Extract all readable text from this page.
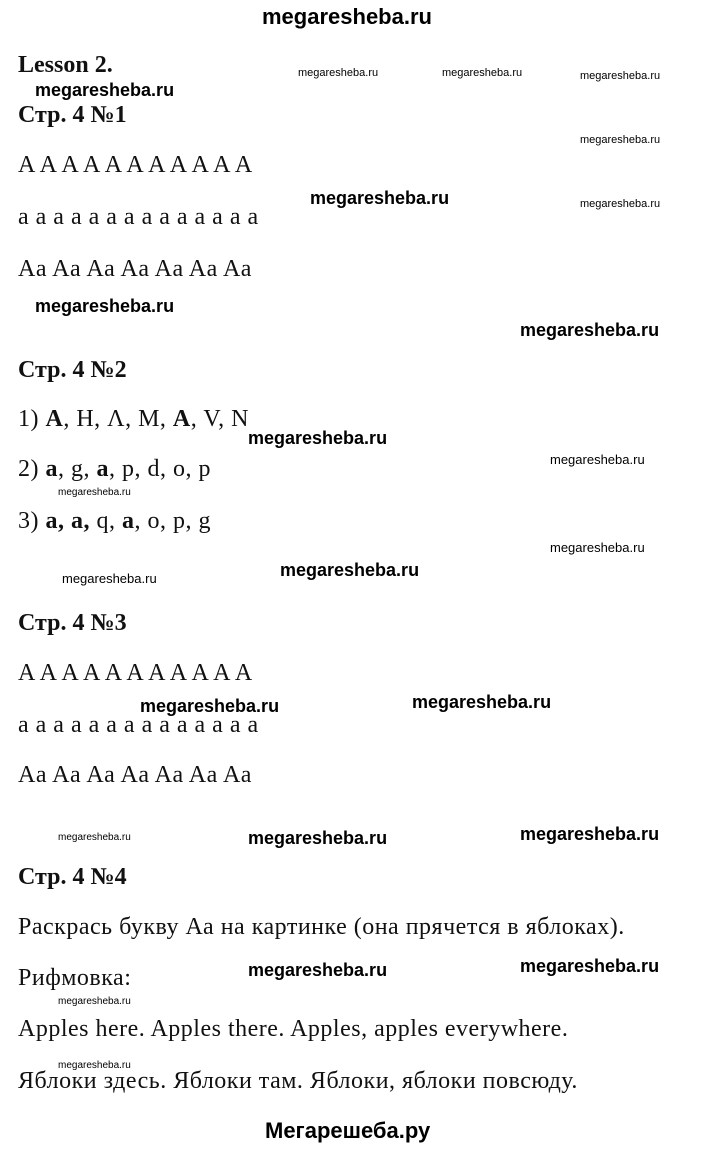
megaresheba.ru
Lesson 2.
Стр. 4 №1
A A A A A A A A A A A
a a a a a a a a a a a a a a
Aa Aa Aa Aa Aa Aa Aa
Стр. 4 №2
1) A, H, Λ, M, A, V, N
2) a, g, a, p, d, o, p
3) a, a, q, a, o, p, g
Стр. 4 №3
A A A A A A A A A A A
a a a a a a a a a a a a a a
Aa Aa Aa Aa Aa Aa Aa
Стр. 4 №4
Раскрась букву Аа на картинке (она прячется в яблоках).
Рифмовка:
Apples here. Apples there. Apples, apples everywhere.
Яблоки здесь. Яблоки там. Яблоки, яблоки повсюду.
Мегарешеба.ру
megaresheba.ru
megaresheba.ru	megaresheba.ru	megaresheba.ru
megaresheba.ru
megaresheba.ru	megaresheba.ru
megaresheba.ru
megaresheba.ru
megaresheba.ru
megaresheba.ru
megaresheba.ru
megaresheba.ru
megaresheba.ru	megaresheba.ru
megaresheba.ru	megaresheba.ru
megaresheba.ru	megaresheba.ru	megaresheba.ru
megaresheba.ru	megaresheba.ru
megaresheba.ru
megaresheba.ru
